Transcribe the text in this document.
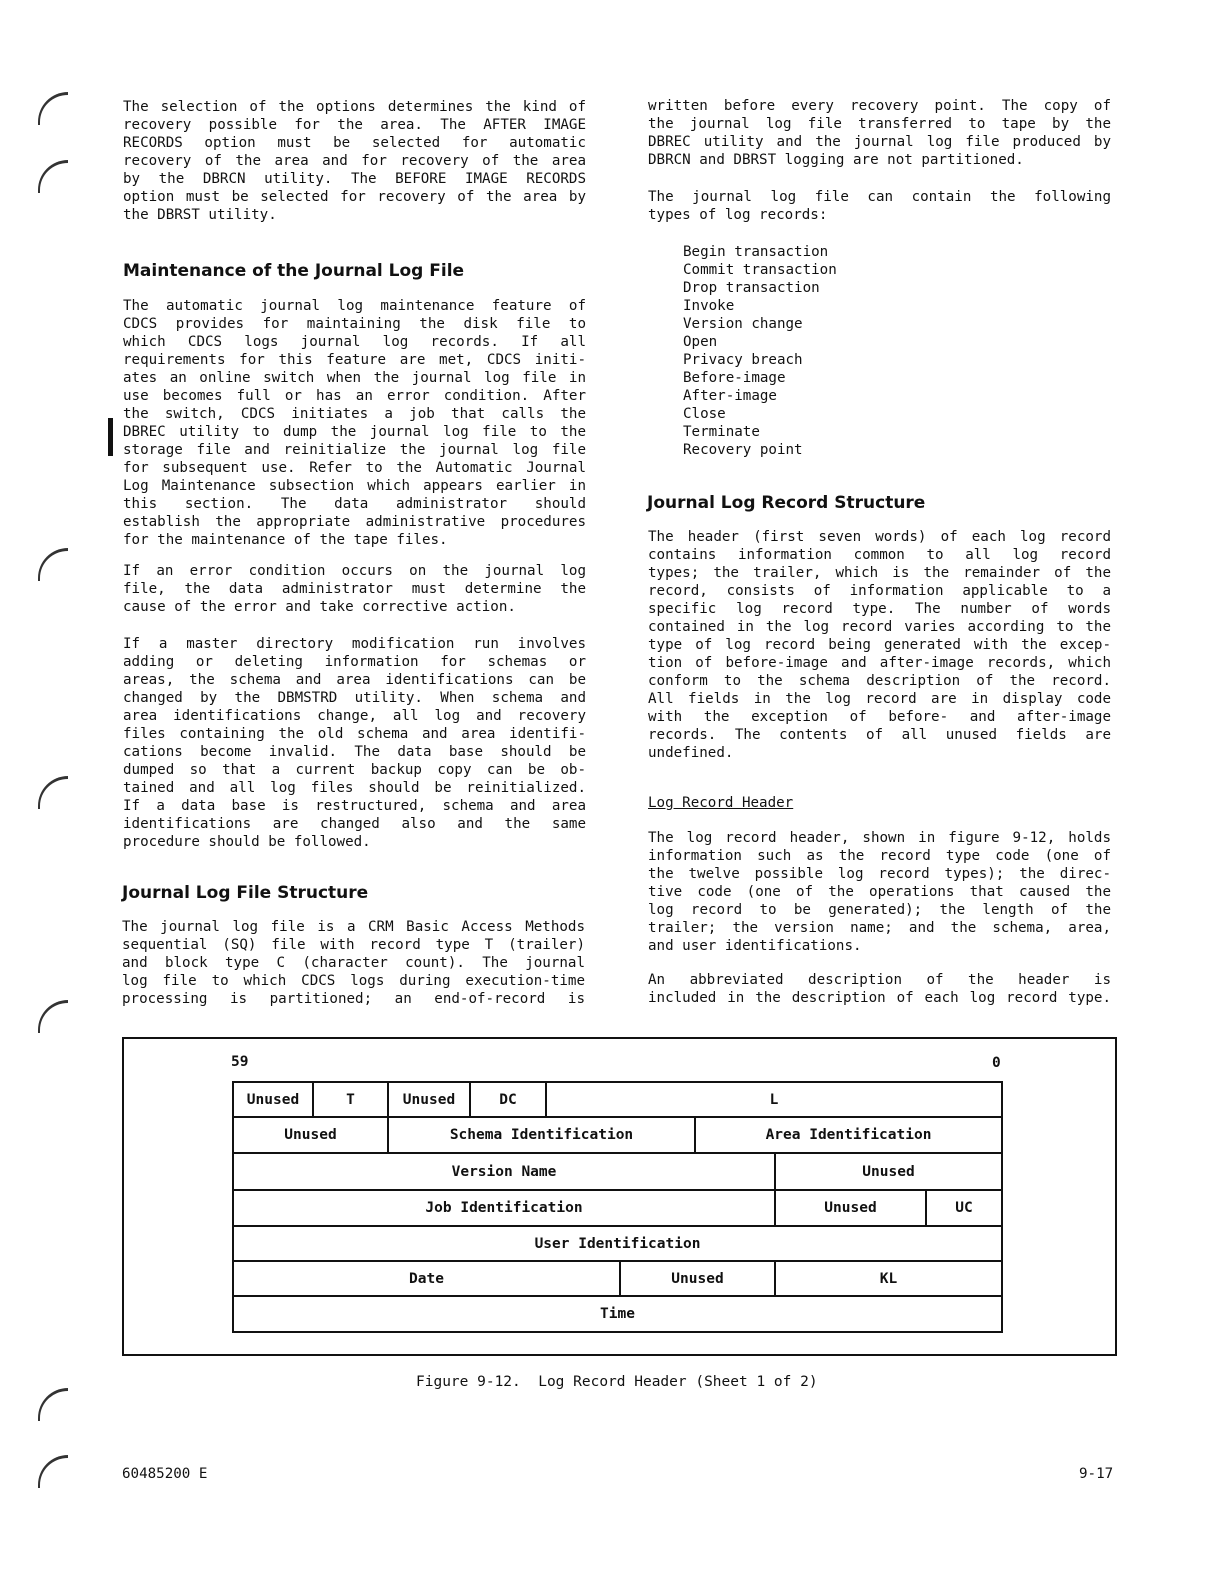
The selection of the options determines the kind of
recovery possible for the area. The AFTER IMAGE
RECORDS option must be selected for automatic
recovery of the area and for recovery of the area
by the DBRCN utility. The BEFORE IMAGE RECORDS
option must be selected for recovery of the area by
the DBRST utility.
Maintenance of the Journal Log File
The automatic journal log maintenance feature of
CDCS provides for maintaining the disk file to
which CDCS logs journal log records. If all
requirements for this feature are met, CDCS initi-
ates an online switch when the journal log file in
use becomes full or has an error condition. After
the switch, CDCS initiates a job that calls the
DBREC utility to dump the journal log file to the
storage file and reinitialize the journal log file
for subsequent use. Refer to the Automatic Journal
Log Maintenance subsection which appears earlier in
this section. The data administrator should
establish the appropriate administrative procedures
for the maintenance of the tape files.
If an error condition occurs on the journal log
file, the data administrator must determine the
cause of the error and take corrective action.
If a master directory modification run involves
adding or deleting information for schemas or
areas, the schema and area identifications can be
changed by the DBMSTRD utility. When schema and
area identifications change, all log and recovery
files containing the old schema and area identifi-
cations become invalid. The data base should be
dumped so that a current backup copy can be ob-
tained and all log files should be reinitialized.
If a data base is restructured, schema and area
identifications are changed also and the same
procedure should be followed.
Journal Log File Structure
The journal log file is a CRM Basic Access Methods
sequential (SQ) file with record type T (trailer)
and block type C (character count). The journal
log file to which CDCS logs during execution-time
processing is partitioned; an end-of-record is
written before every recovery point. The copy of
the journal log file transferred to tape by the
DBREC utility and the journal log file produced by
DBRCN and DBRST logging are not partitioned.
The journal log file can contain the following
types of log records:
Begin transaction
Commit transaction
Drop transaction
Invoke
Version change
Open
Privacy breach
Before-image
After-image
Close
Terminate
Recovery point
Journal Log Record Structure
The header (first seven words) of each log record
contains information common to all log record
types; the trailer, which is the remainder of the
record, consists of information applicable to a
specific log record type. The number of words
contained in the log record varies according to the
type of log record being generated with the excep-
tion of before-image and after-image records, which
conform to the schema description of the record.
All fields in the log record are in display code
with the exception of before- and after-image
records. The contents of all unused fields are
undefined.
Log Record Header
The log record header, shown in figure 9-12, holds
information such as the record type code (one of
the twelve possible log record types); the direc-
tive code (one of the operations that caused the
log record to be generated); the length of the
trailer; the version name; and the schema, area,
and user identifications.
An abbreviated description of the header is
included in the description of each log record type.
59	0
Unused	T	Unused	DC	L
Unused	Schema Identification	Area Identification
Version Name	Unused
Job Identification	Unused	UC
User Identification
Date	Unused	KL
Time
Figure 9-12.  Log Record Header (Sheet 1 of 2)
60485200 E	9-17
